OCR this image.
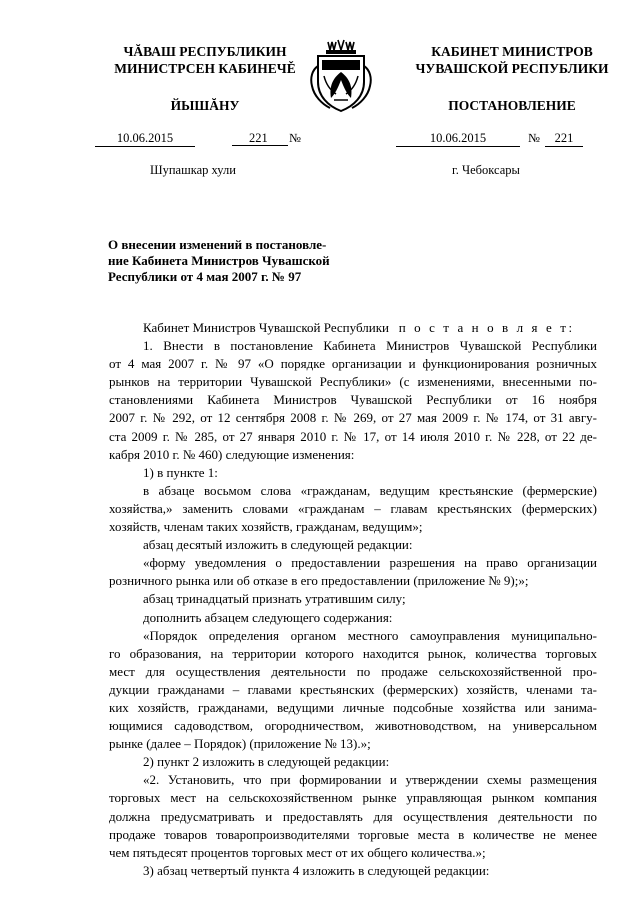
ЧĂВАШ РЕСПУБЛИКИН
МИНИСТРСЕН КАБИНЕЧĚ
ЙЫШĂНУ
КАБИНЕТ МИНИСТРОВ
ЧУВАШСКОЙ РЕСПУБЛИКИ
ПОСТАНОВЛЕНИЕ
10.06.2015	221	№	10.06.2015	№	221
Шупашкар хули	г. Чебоксары
О внесении изменений в постановле-
ние Кабинета Министров Чувашской
Республики от 4 мая 2007 г. № 97
Кабинет Министров Чувашской Республики п о с т а н о в л я е т:
1. Внести в постановление Кабинета Министров Чувашской Республики
от 4 мая 2007 г. № 97 «О порядке организации и функционирования розничных
рынков на территории Чувашской Республики» (с изменениями, внесенными по-
становлениями Кабинета Министров Чувашской Республики от 16 ноября
2007 г. № 292, от 12 сентября 2008 г. № 269, от 27 мая 2009 г. № 174, от 31 авгу-
ста 2009 г. № 285, от 27 января 2010 г. № 17, от 14 июля 2010 г. № 228, от 22 де-
кабря 2010 г. № 460) следующие изменения:
1) в пункте 1:
в абзаце восьмом слова «гражданам, ведущим крестьянские (фермерские)
хозяйства,» заменить словами «гражданам – главам крестьянских (фермерских)
хозяйств, членам таких хозяйств, гражданам, ведущим»;
абзац десятый изложить в следующей редакции:
«форму уведомления о предоставлении разрешения на право организации
розничного рынка или об отказе в его предоставлении (приложение № 9);»;
абзац тринадцатый признать утратившим силу;
дополнить абзацем следующего содержания:
«Порядок определения органом местного самоуправления муниципально-
го образования, на территории которого находится рынок, количества торговых
мест для осуществления деятельности по продаже сельскохозяйственной про-
дукции гражданами – главами крестьянских (фермерских) хозяйств, членами та-
ких хозяйств, гражданами, ведущими личные подсобные хозяйства или занима-
ющимися садоводством, огородничеством, животноводством, на универсальном
рынке (далее – Порядок) (приложение № 13).»;
2) пункт 2 изложить в следующей редакции:
«2. Установить, что при формировании и утверждении схемы размещения
торговых мест на сельскохозяйственном рынке управляющая рынком компания
должна предусматривать и предоставлять для осуществления деятельности по
продаже товаров товаропроизводителями торговые места в количестве не менее
чем пятьдесят процентов торговых мест от их общего количества.»;
3) абзац четвертый пункта 4 изложить в следующей редакции:
